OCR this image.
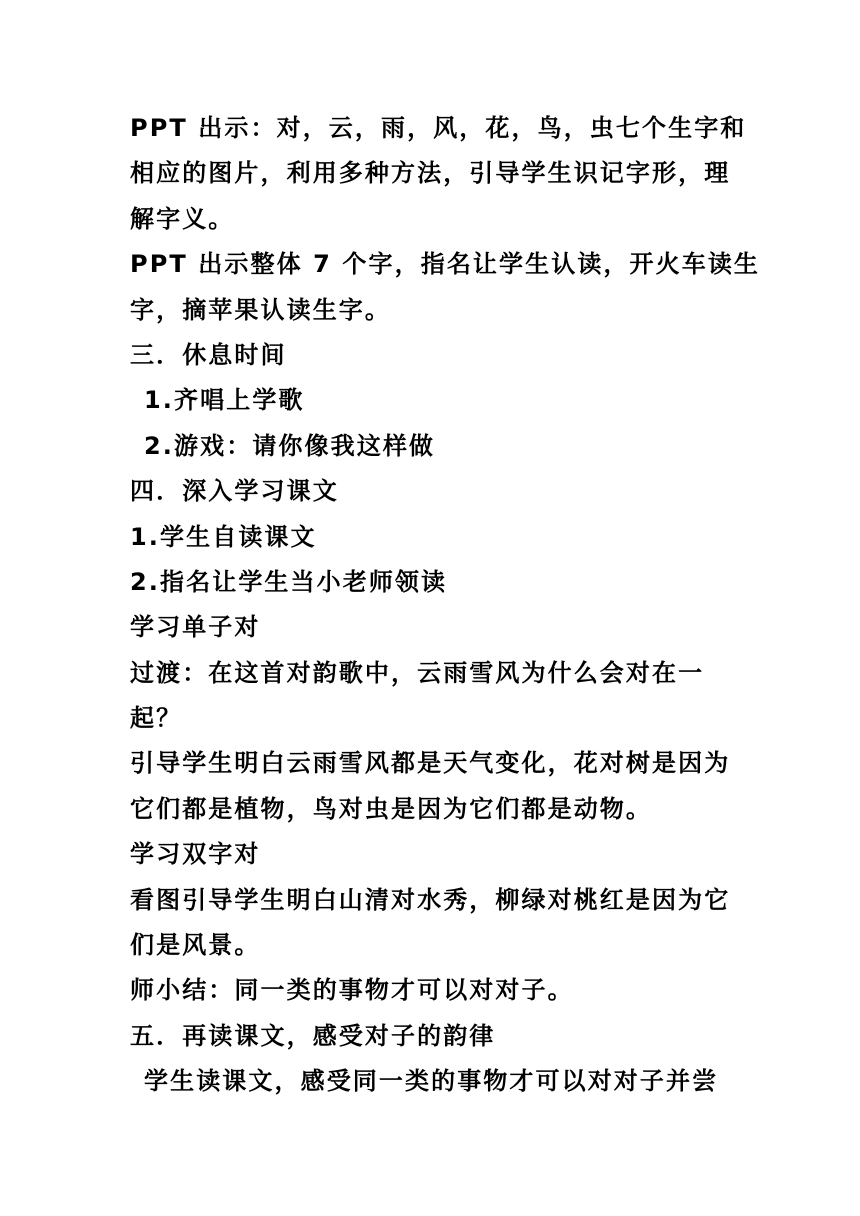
PPT 出示：对，云，雨，风，花，鸟，虫七个生字和
相应的图片，利用多种方法，引导学生识记字形，理
解字义。
PPT 出示整体 7 个字，指名让学生认读，开火车读生
字，摘苹果认读生字。
三．休息时间
1.齐唱上学歌
2.游戏：请你像我这样做
四．深入学习课文
1.学生自读课文
2.指名让学生当小老师领读
学习单子对
过渡：在这首对韵歌中，云雨雪风为什么会对在一
起？
引导学生明白云雨雪风都是天气变化，花对树是因为
它们都是植物，鸟对虫是因为它们都是动物。
学习双字对
看图引导学生明白山清对水秀，柳绿对桃红是因为它
们是风景。
师小结：同一类的事物才可以对对子。
五．再读课文，感受对子的韵律
学生读课文，感受同一类的事物才可以对对子并尝
